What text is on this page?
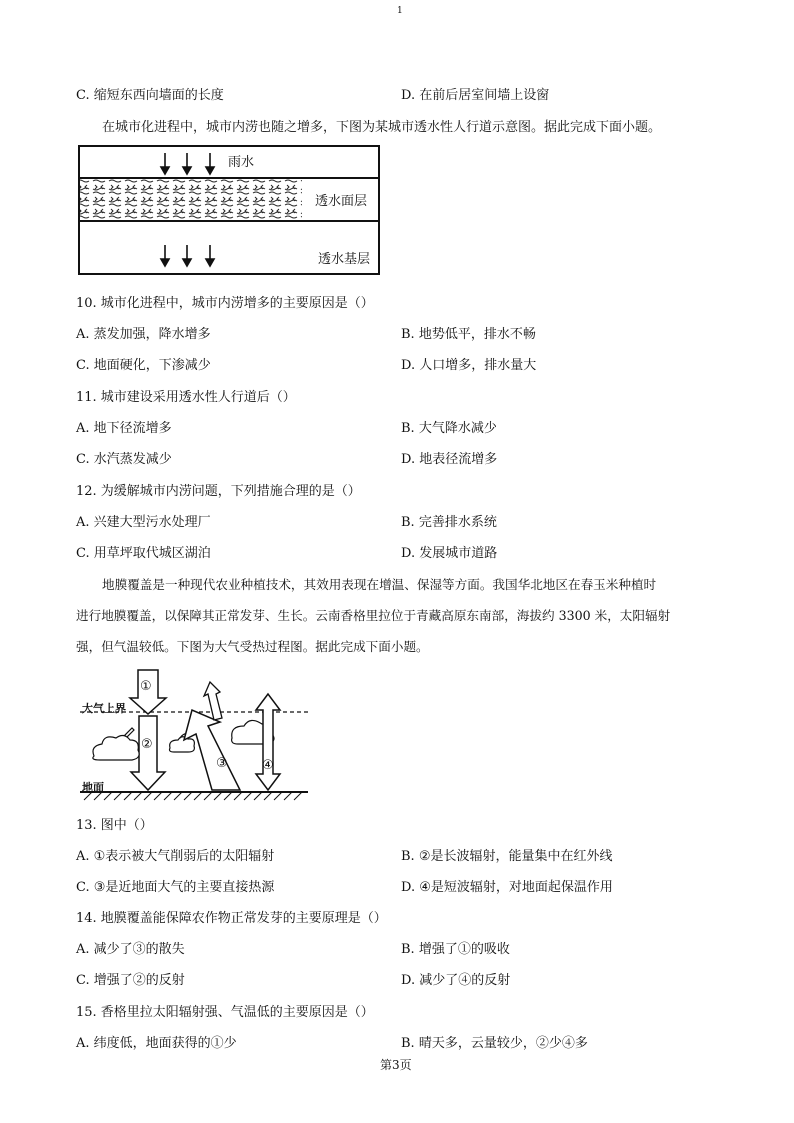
1
C. 缩短东西向墙面的长度	D. 在前后居室间墙上设窗
在城市化进程中，城市内涝也随之增多，下图为某城市透水性人行道示意图。据此完成下面小题。
雨水
透水面层
透水基层
10. 城市化进程中，城市内涝增多的主要原因是（）
A. 蒸发加强，降水增多	B. 地势低平，排水不畅
C. 地面硬化，下渗减少	D. 人口增多，排水量大
11. 城市建设采用透水性人行道后（）
A. 地下径流增多	B. 大气降水减少
C. 水汽蒸发减少	D. 地表径流增多
12. 为缓解城市内涝问题，下列措施合理的是（）
A. 兴建大型污水处理厂	B. 完善排水系统
C. 用草坪取代城区湖泊	D. 发展城市道路
地膜覆盖是一种现代农业种植技术，其效用表现在增温、保湿等方面。我国华北地区在春玉米种植时
进行地膜覆盖，以保障其正常发芽、生长。云南香格里拉位于青藏高原东南部，海拔约 3300 米，太阳辐射
强，但气温较低。下图为大气受热过程图。据此完成下面小题。
大气上界
地面
①
②
③	④
13. 图中（）
A. ①表示被大气削弱后的太阳辐射	B. ②是长波辐射，能量集中在红外线
C. ③是近地面大气的主要直接热源	D. ④是短波辐射，对地面起保温作用
14. 地膜覆盖能保障农作物正常发芽的主要原理是（）
A. 减少了③的散失	B. 增强了①的吸收
C. 增强了②的反射	D. 减少了④的反射
15. 香格里拉太阳辐射强、气温低的主要原因是（）
A. 纬度低，地面获得的①少	B. 晴天多，云量较少，②少④多
第3页
